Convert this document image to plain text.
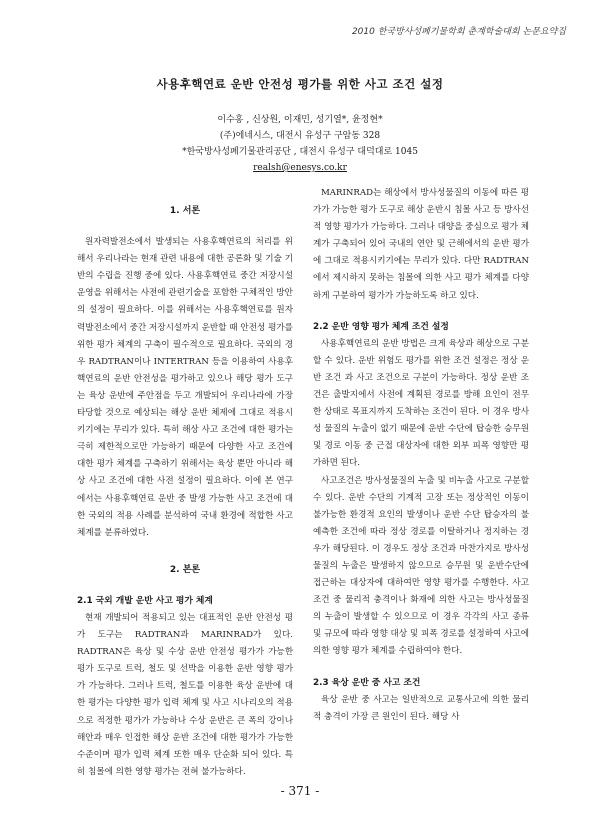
2010 한국방사성폐기물학회 춘계학술대회 논문요약집
사용후핵연료 운반 안전성 평가를 위한 사고 조건 설정
이수홍 , 신상원, 이재민, 성기열*, 윤정현*
(주)에네시스, 대전시 유성구 구암동 328
*한국방사성폐기물관리공단 , 대전시 유성구 대덕대로 1045
realsh@enesys.co.kr
1. 서론

원자력발전소에서 발생되는 사용후핵연료의 처리를 위해서 우리나라는 현재 관련 내용에 대한 공론화 및 기술 기반의 수립을 진행 중에 있다. 사용후핵연료 중간 저장시설 운영을 위해서는 사전에 관련기술을 포함한 구체적인 방안의 설정이 필요하다. 이를 위해서는 사용후핵연료를 원자력발전소에서 중간 저장시설까지 운반할 때 안전성 평가를 위한 평가 체계의 구축이 필수적으로 필요하다. 국외의 경우 RADTRAN이나 INTERTRAN 등을 이용하여 사용후핵연료의 운반 안전성을 평가하고 있으나 해당 평가 도구는 육상 운반에 주안점을 두고 개발되어 우리나라에 가장 타당할 것으로 예상되는 해상 운반 체제에 그대로 적용시키기에는 무리가 있다. 특히 해상 사고 조건에 대한 평가는 극히 제한적으로만 가능하기 때문에 다양한 사고 조건에 대한 평가 체계를 구축하기 위해서는 육상 뿐만 아니라 해상 사고 조건에 대한 사전 설정이 필요하다. 이에 본 연구에서는 사용후핵연료 운반 중 발생 가능한 사고 조건에 대한 국외의 적용 사례를 분석하여 국내 환경에 적합한 사고 체계를 분류하였다.

2. 본론
2.1 국외 개발 운반 사고 평가 체계

현재 개발되어 적용되고 있는 대표적인 운반 안전성 평가 도구는 RADTRAN과 MARINRAD가 있다. RADTRAN은 육상 및 수상 운반 안전성 평가가 가능한 평가 도구로 트럭, 철도 및 선박을 이용한 운반 영향 평가가 가능하다. 그러나 트럭, 철도를 이용한 육상 운반에 대한 평가는 다양한 평가 입력 체계 및 사고 시나리오의 적용으로 적정한 평가가 가능하나 수상 운반은 큰 폭의 강이나 해안과 매우 인접한 해상 운반 조건에 대한 평가가 가능한 수준이며 평가 입력 체계 또한 매우 단순화 되어 있다. 특히 침몰에 의한 영향 평가는 전혀 불가능하다.

MARINRAD는 해상에서 방사성물질의 이동에 따른 평가가 가능한 평가 도구로 해상 운반시 침몰 사고 등 방사선적 영향 평가가 가능하다. 그러나 대양을 중심으로 평가 체계가 구축되어 있어 국내의 연안 및 근해에서의 운반 평가에 그대로 적용시키기에는 무리가 있다. 다만 RADTRAN에서 제시하지 못하는 침몰에 의한 사고 평가 체계를 다양하게 구분하여 평가가 가능하도록 하고 있다.

2.2 운반 영향 평가 체계 조건 설정

사용후핵연료의 운반 방법은 크게 육상과 해상으로 구분할 수 있다. 운반 위험도 평가를 위한 조건 설정은 정상 운반 조건 과 사고 조건으로 구분이 가능하다. 정상 운반 조건은 출발지에서 사전에 계획된 경로를 방해 요인이 전무한 상태로 목표지까지 도착하는 조건이 된다. 이 경우 방사성 물질의 누출이 없기 때문에 운반 수단에 탑승한 승무원 및 경로 이동 중 근접 대상자에 대한 외부 피폭 영향만 평가하면 된다.

사고조건은 방사성물질의 누출 및 비누출 사고로 구분할 수 있다. 운반 수단의 기계적 고장 또는 정상적인 이동이 불가능한 환경적 요인의 발생이나 운반 수단 탑승자의 불예측한 조건에 따라 정상 경로를 이탈하거나 정지하는 경우가 해당된다. 이 경우도 정상 조건과 마찬가지로 방사성물질의 누출은 발생하지 않으므로 승무원 및 운반수단에 접근하는 대상자에 대하여만 영향 평가를 수행한다. 사고 조건 중 물리적 충격이나 화재에 의한 사고는 방사성물질의 누출이 발생할 수 있으므로 이 경우 각각의 사고 종류 및 규모에 따라 영향 대상 및 피폭 경로를 설정하여 사고에 의한 영향 평가 체계를 수립하여야 한다.

2.3 육상 운반 중 사고 조건

육상 운반 중 사고는 일반적으로 교통사고에 의한 물리적 충격이 가장 큰 원인이 된다. 해당 사

- 371 -
